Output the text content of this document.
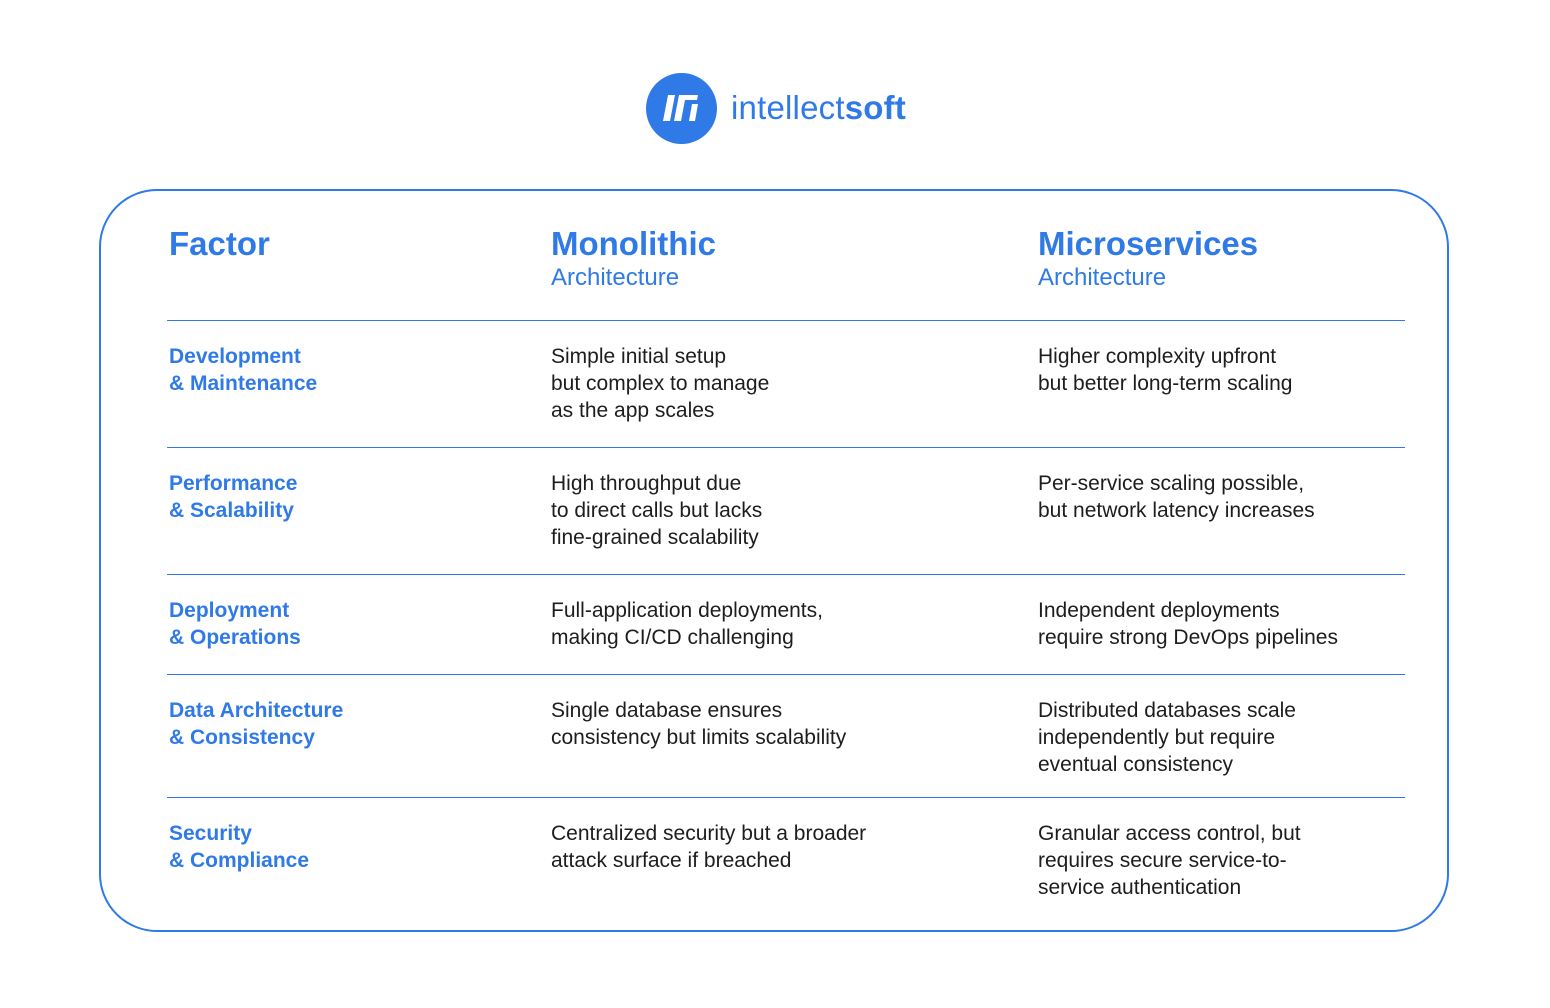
intellectsoft
Factor	Monolithic
Architecture
Microservices
Architecture
Development
& Maintenance
Simple initial setup
but complex to manage
as the app scales
Higher complexity upfront
but better long-term scaling
Performance
& Scalability
High throughput due
to direct calls but lacks
fine-grained scalability
Per-service scaling possible,
but network latency increases
Deployment
& Operations
Full-application deployments,
making CI/CD challenging
Independent deployments
require strong DevOps pipelines
Data Architecture
& Consistency
Single database ensures
consistency but limits scalability
Distributed databases scale
independently but require
eventual consistency
Security
& Compliance
Centralized security but a broader
attack surface if breached
Granular access control, but
requires secure service-to-
service authentication
